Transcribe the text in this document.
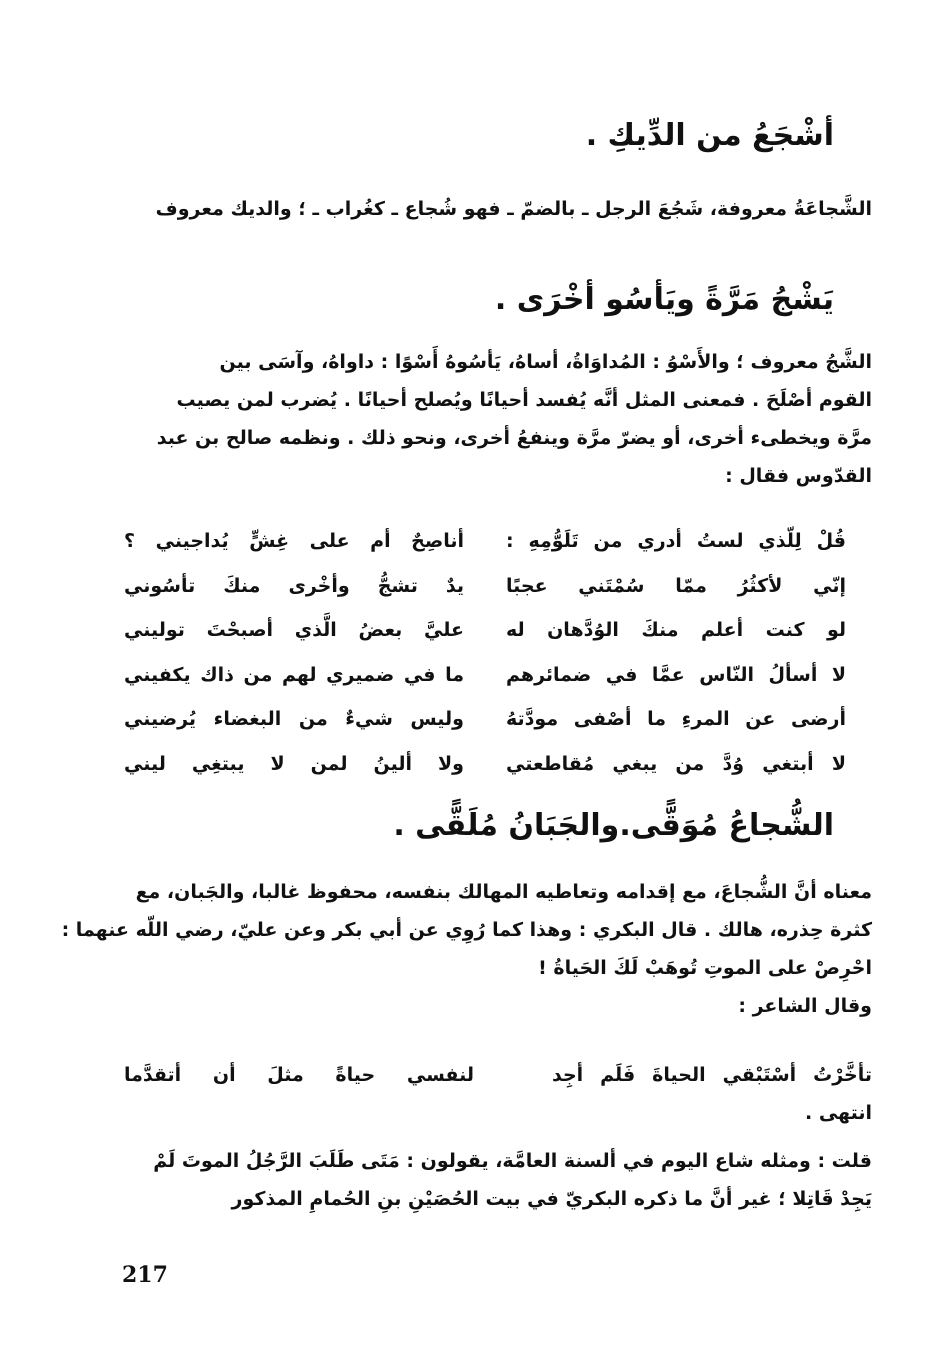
أشْجَعُ من الدِّيكِ .
الشَّجاعَةُ معروفة، شَجُعَ الرجل ـ بالضمّ ـ فهو شُجاع ـ كغُراب ـ ؛ والديك معروف
يَشْجُ مَرَّةً ويَأسُو أخْرَى .
الشَّجُ معروف ؛ والأَسْوُ : المُداوَاةُ، أساهُ، يَأسُوهُ أَسْوًا : داواهُ، وآسَى بين
القوم أصْلَحَ . فمعنى المثل أنَّه يُفسد أحيانًا ويُصلح أحيانًا . يُضرب لمن يصيب
مرَّة ويخطىء أخرى، أو يضرّ مرَّة وينفعُ أخرى، ونحو ذلك . ونظمه صالح بن عبد
القدّوس فقال :
قُلْ لِلّذي لستُ أدري من تَلَوُّمِهِ :
أناصِحٌ أم على غِشٍّ يُداجيني ؟
إنّي لأكثُرُ ممّا سُمْتَني عجبًا
يدٌ تشجُّ وأخْرى منكَ تأسُوني
لو كنت أعلم منكَ الوُدَّهان له
عليَّ بعضُ الَّذي أصبحْتَ توليني
لا أسألُ النّاس عمَّا في ضمائرهم
ما في ضميري لهم من ذاك يكفيني
أرضى عن المرءِ ما أصْفى مودَّتهُ
وليس شيءٌ من البغضاء يُرضيني
لا أبتغي وُدَّ من يبغي مُقاطعتي
ولا ألينُ لمن لا يبتغِي ليني
الشُّجاعُ مُوَقًّى.والجَبَانُ مُلَقًّى .
معناه أنَّ الشُّجاعَ، مع إقدامه وتعاطيه المهالك بنفسه، محفوظ غالبا، والجَبان، مع
كثرة حِذره، هالك . قال البكري : وهذا كما رُوِي عن أبي بكر وعن عليّ، رضي اللّه عنهما :
احْرِصْ على الموتِ تُوهَبْ لَكَ الحَياةُ !
وقال الشاعر :
تأخَّرْتُ أسْتَبْقي الحياةَ فَلَم أجِد
لنفسي حياةً مثلَ أن أتقدَّما
انتهى .
قلت : ومثله شاع اليوم في ألسنة العامَّة، يقولون : مَتَى طَلَبَ الرَّجُلُ الموتَ لَمْ
يَجِدْ قَاتِلا ؛ غير أنَّ ما ذكره البكريّ في بيت الحُصَيْنِ بنِ الحُمامِ المذكور
217
